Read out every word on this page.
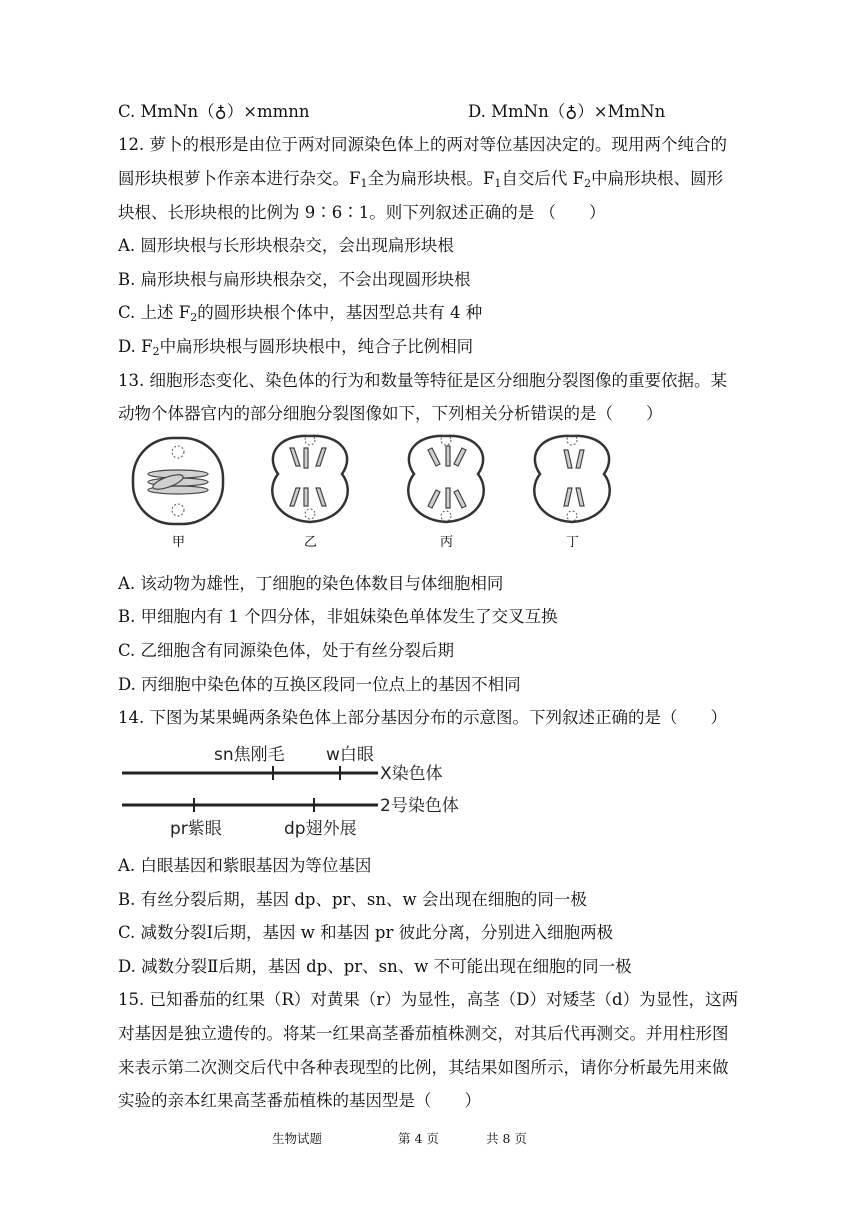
C. MmNn（♁）×mmnn	D. MmNn（♁）×MmNn
12. 萝卜的根形是由位于两对同源染色体上的两对等位基因决定的。现用两个纯合的
圆形块根萝卜作亲本进行杂交。$F_1$全为扁形块根。$F_1$自交后代 $F_2$中扁形块根、圆形
块根、长形块根的比例为 9∶6∶1。则下列叙述正确的是 （　　）
A. 圆形块根与长形块根杂交，会出现扁形块根
B. 扁形块根与扁形块根杂交，不会出现圆形块根
C. 上述 $F_2$的圆形块根个体中，基因型总共有 4 种
D. $F_2$中扁形块根与圆形块根中，纯合子比例相同
13. 细胞形态变化、染色体的行为和数量等特征是区分细胞分裂图像的重要依据。某
动物个体器官内的部分细胞分裂图像如下，下列相关分析错误的是（　　）
甲	乙	丙	丁
A. 该动物为雄性，丁细胞的染色体数目与体细胞相同
B. 甲细胞内有 1 个四分体，非姐妹染色单体发生了交叉互换
C. 乙细胞含有同源染色体，处于有丝分裂后期
D. 丙细胞中染色体的互换区段同一位点上的基因不相同
14. 下图为某果蝇两条染色体上部分基因分布的示意图。下列叙述正确的是（　　）
sn焦刚毛 w白眼
X染色体
2号染色体
pr紫眼	dp翅外展
A. 白眼基因和紫眼基因为等位基因
B. 有丝分裂后期，基因 dp、pr、sn、w 会出现在细胞的同一极
C. 减数分裂Ⅰ后期，基因 w 和基因 pr 彼此分离，分别进入细胞两极
D. 减数分裂Ⅱ后期，基因 dp、pr、sn、w 不可能出现在细胞的同一极
15. 已知番茄的红果（R）对黄果（r）为显性，高茎（D）对矮茎（d）为显性，这两
对基因是独立遗传的。将某一红果高茎番茄植株测交，对其后代再测交。并用柱形图
来表示第二次测交后代中各种表现型的比例，其结果如图所示，请你分析最先用来做
实验的亲本红果高茎番茄植株的基因型是（　　）
生物试题	第 4 页	共 8 页
